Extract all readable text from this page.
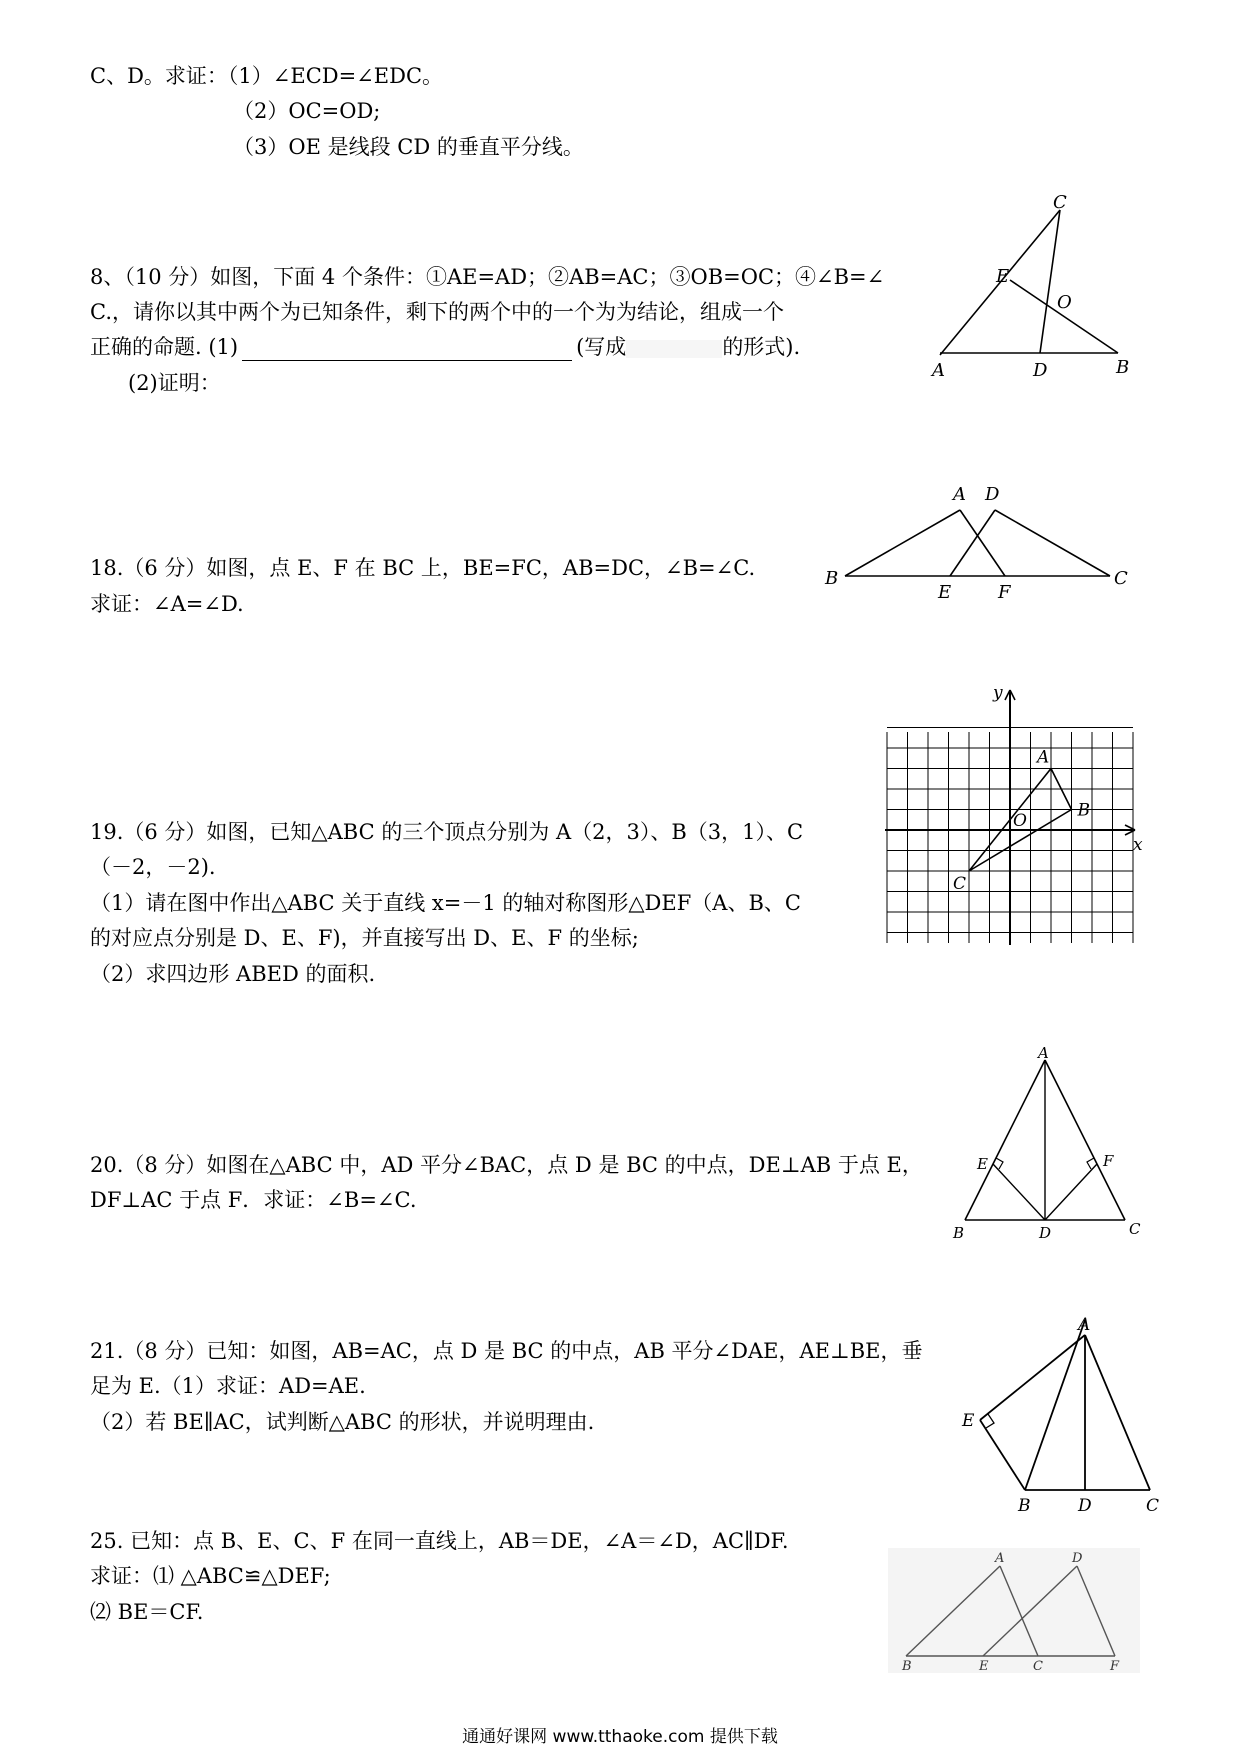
C、D。求证：（1）∠ECD=∠EDC。
（2）OC=OD;
（3）OE 是线段 CD 的垂直平分线。
8、（10 分）如图，下面 4 个条件：①AE=AD；②AB=AC；③OB=OC；④∠B=∠
C.，请你以其中两个为已知条件，剩下的两个中的一个为为结论，组成一个
正确的命题. (1)	(写成	的形式).
(2)证明：
C
E
O
A	D	B
18.（6 分）如图，点 E、F 在 BC 上，BE=FC，AB=DC，∠B=∠C.
求证：∠A=∠D.
A D
B
E	F
C
19.（6 分）如图，已知△ABC 的三个顶点分别为 A（2，3）、B（3，1）、C
（－2，－2).
（1）请在图中作出△ABC 关于直线 x=－1 的轴对称图形△DEF（A、B、C
的对应点分别是 D、E、F)，并直接写出 D、E、F 的坐标;
（2）求四边形 ABED 的面积.
x
y
O
A
B
C
20.（8 分）如图在△ABC 中，AD 平分∠BAC，点 D 是 BC 的中点，DE⊥AB 于点 E，
DF⊥AC 于点 F．求证：∠B=∠C.
A
E	F
B	D	C
21.（8 分）已知：如图，AB=AC，点 D 是 BC 的中点，AB 平分∠DAE，AE⊥BE，垂
足为 E.（1）求证：AD=AE.
（2）若 BE∥AC，试判断△ABC 的形状，并说明理由.
A
E
B	D	C
25. 已知：点 B、E、C、F 在同一直线上，AB＝DE，∠A＝∠D，AC∥DF.
求证：⑴ △ABC≌△DEF;
⑵ BE＝CF.
A	D
B	E	C	F
通通好课网 www.tthaoke.com 提供下载
